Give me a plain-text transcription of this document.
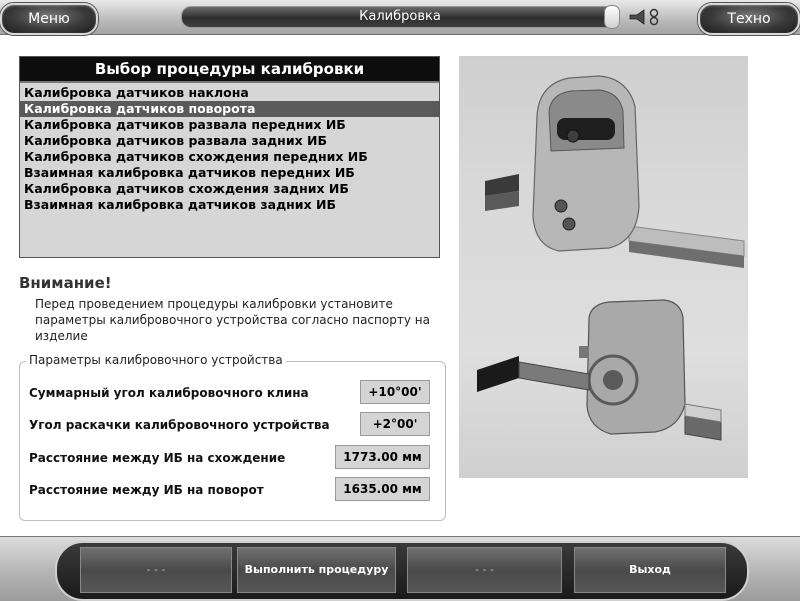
Меню	Калибровка	Техно
Выбор процедуры калибровки
Калибровка датчиков наклона
Калибровка датчиков поворота
Калибровка датчиков развала передних ИБ
Калибровка датчиков развала задних ИБ
Калибровка датчиков схождения передних ИБ
Взаимная калибровка датчиков передних ИБ
Калибровка датчиков схождения задних ИБ
Взаимная калибровка датчиков задних ИБ
Внимание!
Перед проведением процедуры калибровки установите параметры калибровочного устройства согласно паспорту на изделие
Параметры калибровочного устройства
Суммарный угол калибровочного клина	+10°00'
Угол раскачки калибровочного устройства	+2°00'
Расстояние между ИБ на схождение	1773.00 мм
Расстояние между ИБ на поворот	1635.00 мм
- - -	Выполнить процедуру	- - -	Выход
